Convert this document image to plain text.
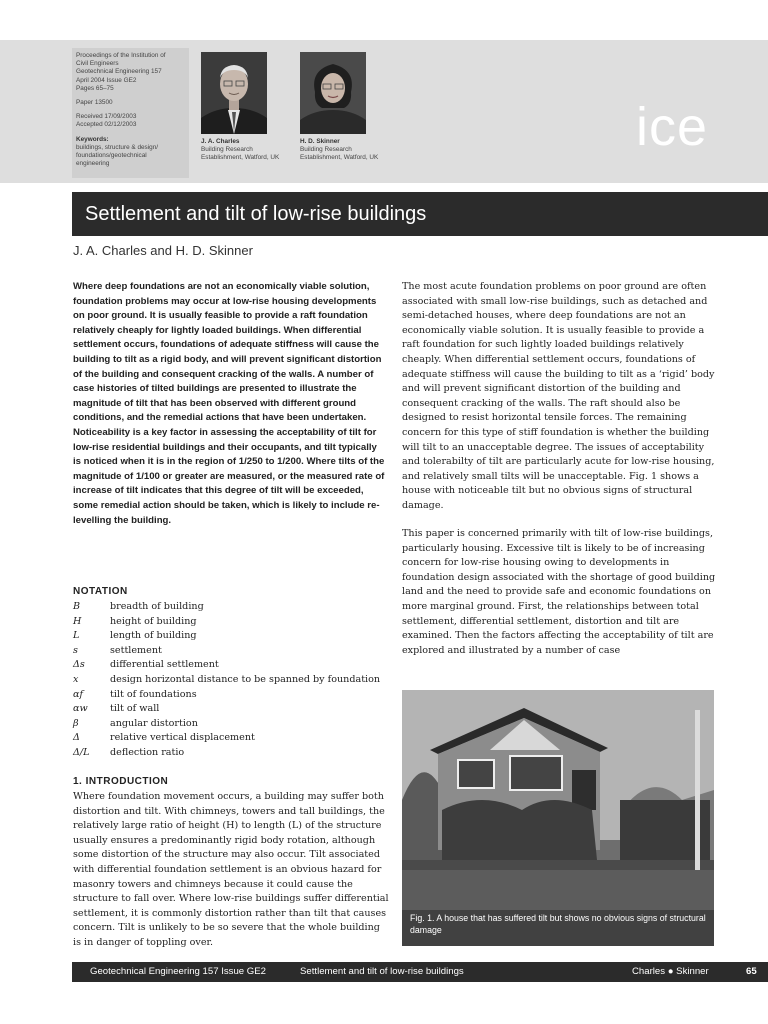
Proceedings of the Institution of
Civil Engineers
Geotechnical Engineering 157
April 2004 Issue GE2
Pages 65–75
Paper 13500
Received 17/09/2003
Accepted 02/12/2003
Keywords:
buildings, structure & design/
foundations/geotechnical
engineering
J. A. Charles
Building Research
Establishment, Watford, UK
H. D. Skinner
Building Research
Establishment, Watford, UK
ice
Settlement and tilt of low-rise buildings
J. A. Charles and H. D. Skinner

Where deep foundations are not an economically viable solution, foundation problems may occur at low-rise housing developments on poor ground. It is usually feasible to provide a raft foundation relatively cheaply for lightly loaded buildings. When differential settlement occurs, foundations of adequate stiffness will cause the building to tilt as a rigid body, and will prevent significant distortion of the building and consequent cracking of the walls. A number of case histories of tilted buildings are presented to illustrate the magnitude of tilt that has been observed with different ground conditions, and the remedial actions that have been undertaken. Noticeability is a key factor in assessing the acceptability of tilt for low-rise residential buildings and their occupants, and tilt typically is noticed when it is in the region of 1/250 to 1/200. Where tilts of the magnitude of 1/100 or greater are measured, or the measured rate of increase of tilt indicates that this degree of tilt will be exceeded, some remedial action should be taken, which is likely to include re-levelling the building.

NOTATION
B	breadth of building
H	height of building
L	length of building
s	settlement
Δs	differential settlement
x	design horizontal distance to be spanned by foundation
αf	tilt of foundations
αw	tilt of wall
β	angular distortion
Δ	relative vertical displacement
Δ/L	deflection ratio
1. INTRODUCTION

Where foundation movement occurs, a building may suffer both distortion and tilt. With chimneys, towers and tall buildings, the relatively large ratio of height (H) to length (L) of the structure usually ensures a predominantly rigid body rotation, although some distortion of the structure may also occur. Tilt associated with differential foundation settlement is an obvious hazard for masonry towers and chimneys because it could cause the structure to fall over. Where low-rise buildings suffer differential settlement, it is commonly distortion rather than tilt that causes concern. Tilt is unlikely to be so severe that the whole building is in danger of toppling over.

The most acute foundation problems on poor ground are often associated with small low-rise buildings, such as detached and semi-detached houses, where deep foundations are not an economically viable solution. It is usually feasible to provide a raft foundation for such lightly loaded buildings relatively cheaply. When differential settlement occurs, foundations of adequate stiffness will cause the building to tilt as a ‘rigid’ body and will prevent significant distortion of the building and consequent cracking of the walls. The raft should also be designed to resist horizontal tensile forces. The remaining concern for this type of stiff foundation is whether the building will tilt to an unacceptable degree. The issues of acceptability and tolerabilty of tilt are particularly acute for low-rise housing, and relatively small tilts will be unacceptable. Fig. 1 shows a house with noticeable tilt but no obvious signs of structural damage.

This paper is concerned primarily with tilt of low-rise buildings, particularly housing. Excessive tilt is likely to be of increasing concern for low-rise housing owing to developments in foundation design associated with the shortage of good building land and the need to provide safe and economic foundations on more marginal ground. First, the relationships between total settlement, differential settlement, distortion and tilt are examined. Then the factors affecting the acceptability of tilt are explored and illustrated by a number of case

Fig. 1. A house that has suffered tilt but shows no obvious signs of structural damage
Geotechnical Engineering 157 Issue GE2	Settlement and tilt of low-rise buildings	Charles ● Skinner	65
